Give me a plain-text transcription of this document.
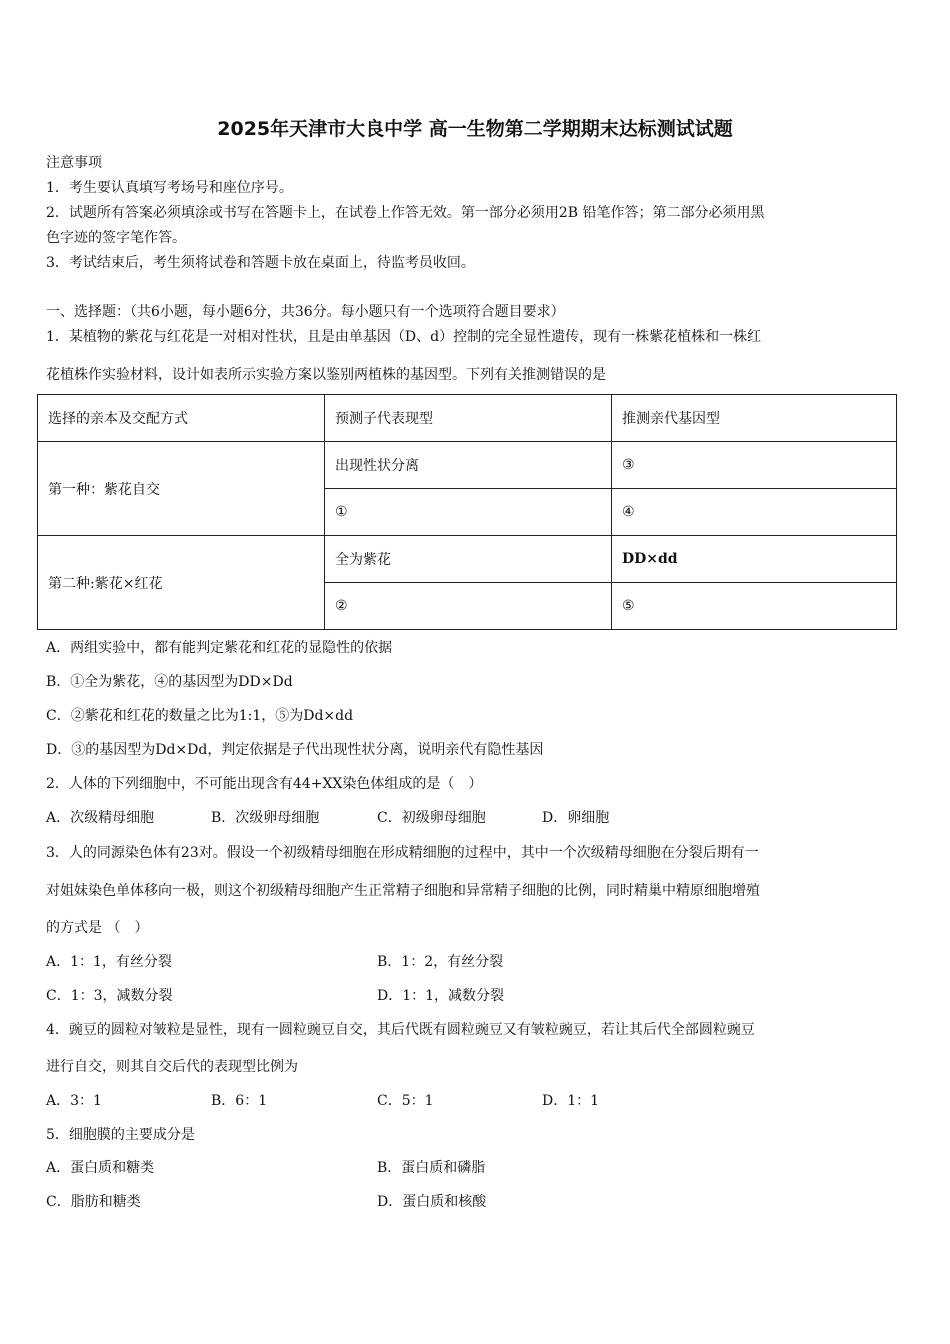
2025年天津市大良中学 高一生物第二学期期末达标测试试题
注意事项
1．考生要认真填写考场号和座位序号。
2．试题所有答案必须填涂或书写在答题卡上，在试卷上作答无效。第一部分必须用2B 铅笔作答；第二部分必须用黑
色字迹的签字笔作答。
3．考试结束后，考生须将试卷和答题卡放在桌面上，待监考员收回。
一、选择题：（共6小题，每小题6分，共36分。每小题只有一个选项符合题目要求）
1．某植物的紫花与红花是一对相对性状，且是由单基因（D、d）控制的完全显性遗传，现有一株紫花植株和一株红
花植株作实验材料，设计如表所示实验方案以鉴别两植株的基因型。下列有关推测错误的是
选择的亲本及交配方式	预测子代表现型	推测亲代基因型
第一种：紫花自交	出现性状分离	③
	①	④
第二种:紫花×红花	全为紫花	DD×dd
	②	⑤
A．两组实验中，都有能判定紫花和红花的显隐性的依据
B．①全为紫花，④的基因型为DD×Dd
C．②紫花和红花的数量之比为1:1，⑤为Dd×dd
D．③的基因型为Dd×Dd，判定依据是子代出现性状分离，说明亲代有隐性基因
2．人体的下列细胞中，不可能出现含有44+XX染色体组成的是（　）
A．次级精母细胞	B．次级卵母细胞	C．初级卵母细胞	D．卵细胞
3．人的同源染色体有23对。假设一个初级精母细胞在形成精细胞的过程中，其中一个次级精母细胞在分裂后期有一
对姐妹染色单体移向一极，则这个初级精母细胞产生正常精子细胞和异常精子细胞的比例，同时精巢中精原细胞增殖
的方式是 （　）
A．1：1，有丝分裂	B．1：2，有丝分裂
C．1：3，减数分裂	D．1：1，减数分裂
4．豌豆的圆粒对皱粒是显性，现有一圆粒豌豆自交，其后代既有圆粒豌豆又有皱粒豌豆，若让其后代全部圆粒豌豆
进行自交，则其自交后代的表现型比例为
A．3：1	B．6：1	C．5：1	D．1：1
5．细胞膜的主要成分是
A．蛋白质和糖类	B．蛋白质和磷脂
C．脂肪和糖类	D．蛋白质和核酸
